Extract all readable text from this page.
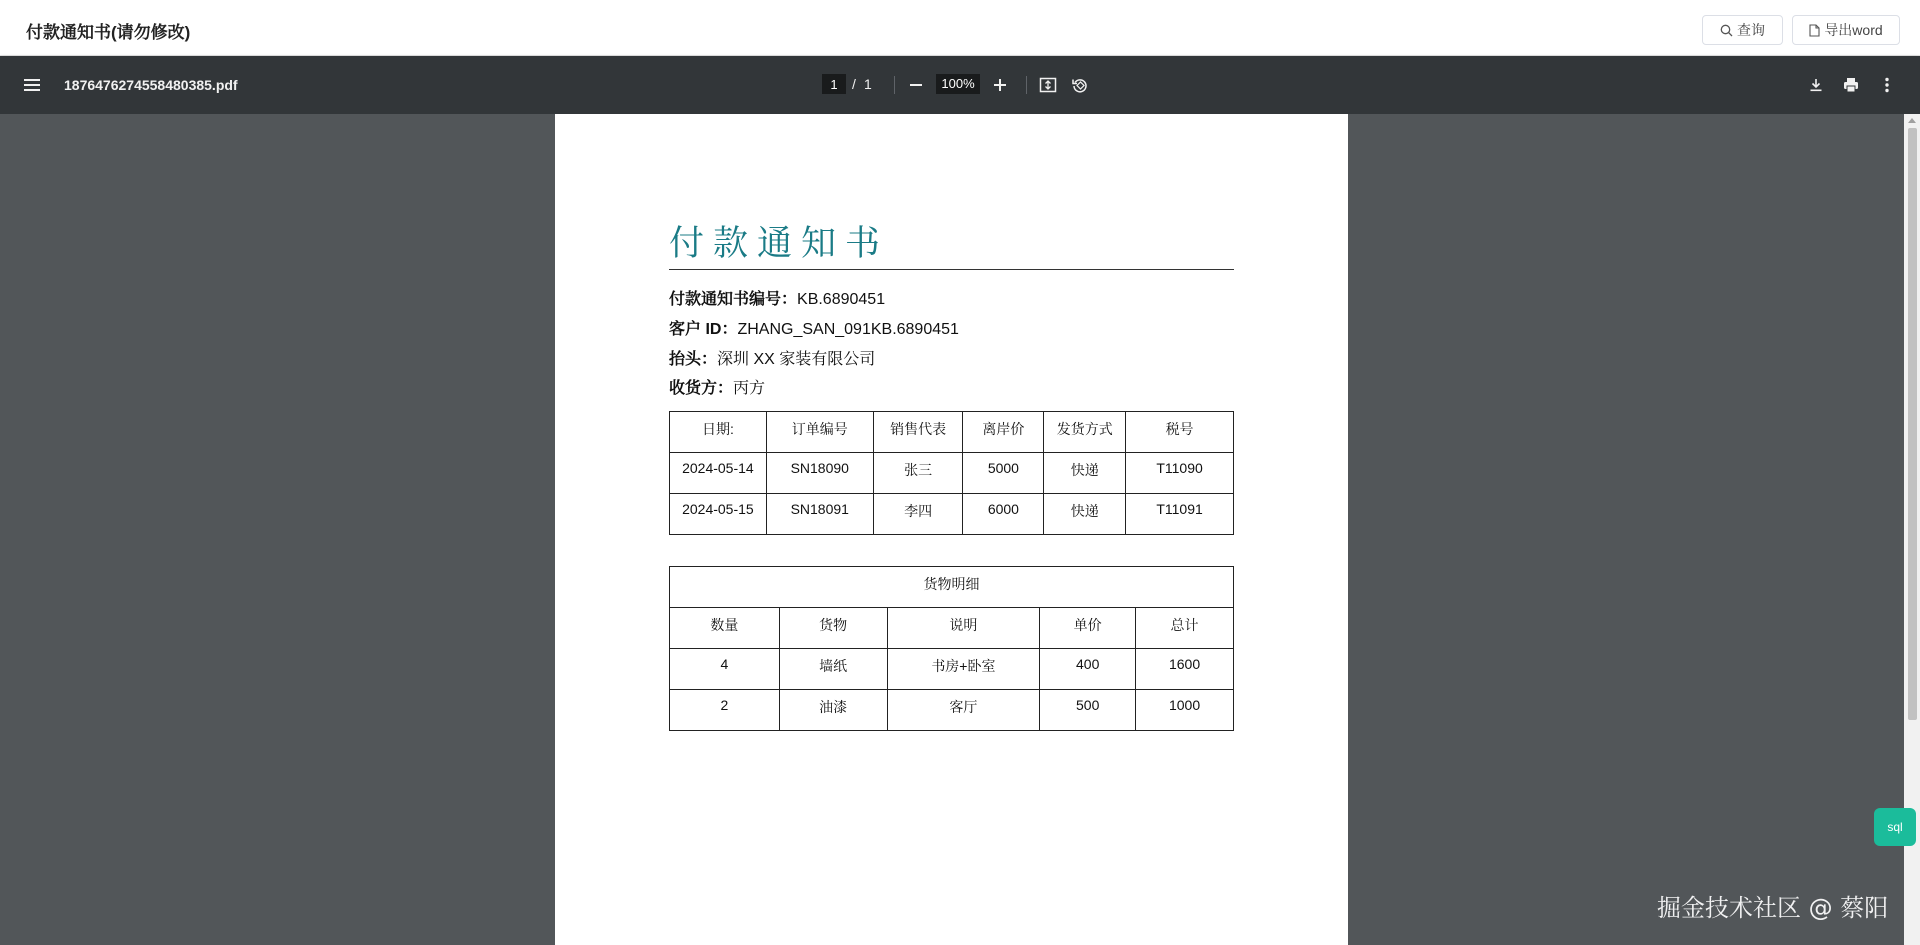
付款通知书(请勿修改)	查询	导出word
1876476274558480385.pdf
1	/ 1	100%
付款通知书
付款通知书编号：KB.6890451
客户 ID：ZHANG_SAN_091KB.6890451
抬头：深圳 XX 家装有限公司
收货方：丙方
日期:	订单编号	销售代表	离岸价	发货方式	税号
2024-05-14	SN18090	张三	5000	快递	T11090
2024-05-15	SN18091	李四	6000	快递	T11091
货物明细				
数量	货物	说明	单价	总计
4	墙纸	书房+卧室	400	1600
2	油漆	客厅	500	1000
sql
掘金技术社区 @ 蔡阳
